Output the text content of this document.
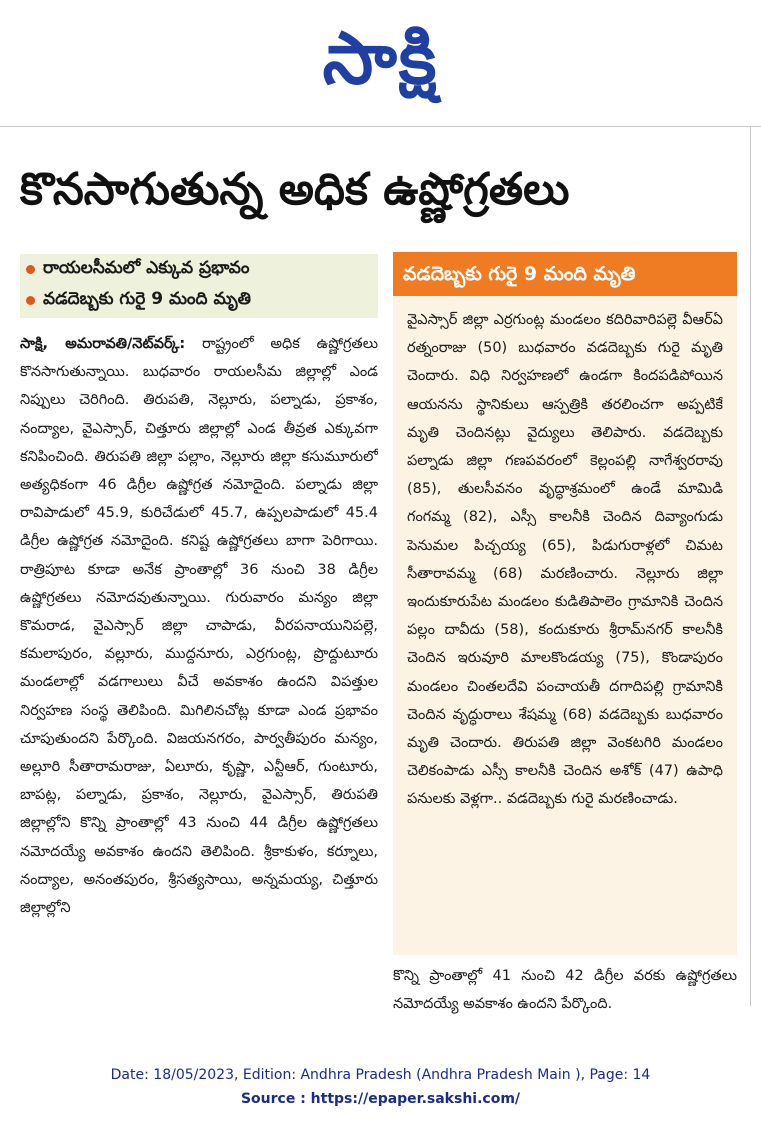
సాక్షి
కొనసాగుతున్న అధిక ఉష్ణోగ్రతలు
రాయలసీమలో ఎక్కువ ప్రభావం
వడదెబ్బకు గురై 9 మంది మృతి
సాక్షి, అమరావతి/నెట్‌వర్క్: రాష్ట్రంలో అధిక ఉష్ణోగ్రతలు కొనసాగుతున్నాయి. బుధవారం రాయలసీమ జిల్లాల్లో ఎండ నిప్పులు చెరిగింది. తిరుపతి, నెల్లూరు, పల్నాడు, ప్రకాశం, నంద్యాల, వైఎస్సార్, చిత్తూరు జిల్లాల్లో ఎండ తీవ్రత ఎక్కువగా కనిపించింది. తిరుపతి జిల్లా పల్లాం, నెల్లూరు జిల్లా కసుమూరులో అత్యధికంగా 46 డిగ్రీల ఉష్ణోగ్రత నమోదైంది. పల్నాడు జిల్లా రావిపాడులో 45.9, కురిచేడులో 45.7, ఉప్పలపాడులో 45.4 డిగ్రీల ఉష్ణోగ్రత నమోదైంది. కనిష్ట ఉష్ణోగ్రతలు బాగా పెరిగాయి. రాత్రిపూట కూడా అనేక ప్రాంతాల్లో 36 నుంచి 38 డిగ్రీల ఉష్ణోగ్రతలు నమోదవుతున్నాయి. గురువారం మన్యం జిల్లా కొమరాడ, వైఎస్సార్ జిల్లా చాపాడు, వీరపనాయునిపల్లె, కమలాపురం, వల్లూరు, ముద్దనూరు, ఎర్రగుంట్ల, ప్రొద్దుటూరు మండలాల్లో వడగాలులు వీచే అవకాశం ఉందని విపత్తుల నిర్వహణ సంస్థ తెలిపింది. మిగిలినచోట్ల కూడా ఎండ ప్రభావం చూపుతుందని పేర్కొంది. విజయనగరం, పార్వతీపురం మన్యం, అల్లూరి సీతారామరాజు, ఏలూరు, కృష్ణా, ఎన్టీఆర్, గుంటూరు, బాపట్ల, పల్నాడు, ప్రకాశం, నెల్లూరు, వైఎస్సార్, తిరుపతి జిల్లాల్లోని కొన్ని ప్రాంతాల్లో 43 నుంచి 44 డిగ్రీల ఉష్ణోగ్రతలు నమోదయ్యే అవకాశం ఉందని తెలిపింది. శ్రీకాకుళం, కర్నూలు, నంద్యాల, అనంతపురం, శ్రీసత్యసాయి, అన్నమయ్య, చిత్తూరు జిల్లాల్లోని
వడదెబ్బకు గురై 9 మంది మృతి
వైఎస్సార్ జిల్లా ఎర్రగుంట్ల మండలం కదిరివారిపల్లె వీఆర్ఏ రత్నంరాజు (50) బుధవారం వడదెబ్బకు గురై మృతి చెందారు. విధి నిర్వహణలో ఉండగా కిందపడిపోయిన ఆయనను స్థానికులు ఆస్పత్రికి తరలించగా అప్పటికే మృతి చెందినట్లు వైద్యులు తెలిపారు. వడదెబ్బకు పల్నాడు జిల్లా గణపవరంలో కెల్లంపల్లి నాగేశ్వరరావు (85), తులసీవనం వృద్ధాశ్రమంలో ఉండే మామిడి గంగమ్మ (82), ఎస్సీ కాలనీకి చెందిన దివ్యాంగుడు పెనుమల పిచ్చయ్య (65), పిడుగురాళ్లలో చిమట సీతారావమ్మ (68) మరణించారు. నెల్లూరు జిల్లా ఇందుకూరుపేట మండలం కుడితిపాలెం గ్రామానికి చెందిన పల్లం దావీదు (58), కందుకూరు శ్రీరామ్‌నగర్ కాలనీకి చెందిన ఇరువూరి మాలకొండయ్య (75), కొండాపురం మండలం చింతలదేవి పంచాయతీ దగాదిపల్లి గ్రామానికి చెందిన వృద్ధురాలు శేషమ్మ (68) వడదెబ్బకు బుధవారం మృతి చెందారు. తిరుపతి జిల్లా వెంకటగిరి మండలం చెలికంపాడు ఎస్సీ కాలనీకి చెందిన అశోక్ (47) ఉపాధి పనులకు వెళ్లగా.. వడదెబ్బకు గురై మరణించాడు.
కొన్ని ప్రాంతాల్లో 41 నుంచి 42 డిగ్రీల వరకు ఉష్ణోగ్రతలు నమోదయ్యే అవకాశం ఉందని పేర్కొంది.
Date: 18/05/2023, Edition: Andhra Pradesh (Andhra Pradesh Main ), Page: 14
Source : https://epaper.sakshi.com/
